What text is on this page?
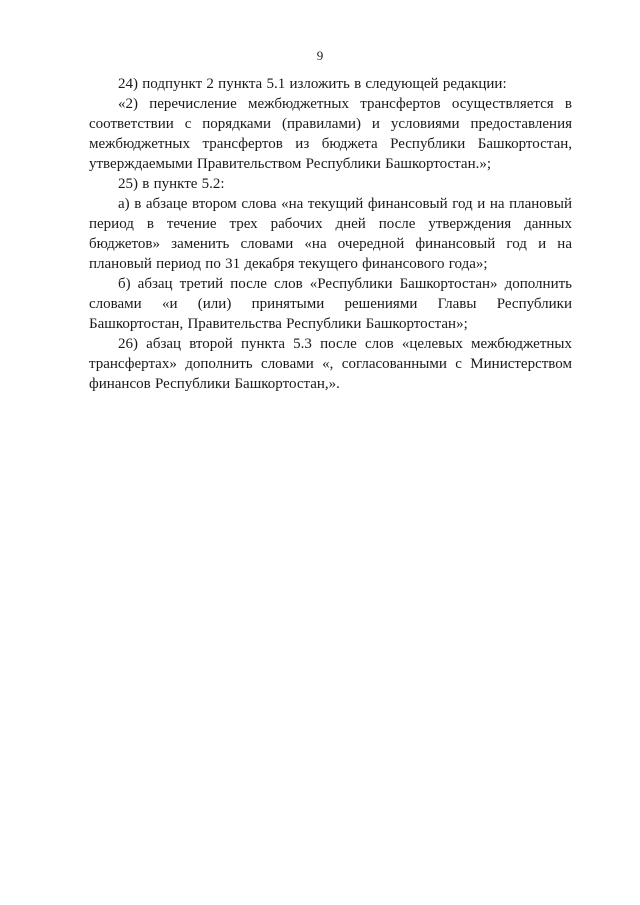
9

24) подпункт 2 пункта 5.1 изложить в следующей редакции:

«2) перечисление межбюджетных трансфертов осуществляется в соответствии с порядками (правилами) и условиями предоставления межбюджетных трансфертов из бюджета Республики Башкортостан, утверждаемыми Правительством Республики Башкортостан.»;

25) в пункте 5.2:

а) в абзаце втором слова «на текущий финансовый год и на плановый период в течение трех рабочих дней после утверждения данных бюджетов» заменить словами «на очередной финансовый год и на плановый период по 31 декабря текущего финансового года»;

б) абзац третий после слов «Республики Башкортостан» дополнить словами «и (или) принятыми решениями Главы Республики Башкортостан, Правительства Республики Башкортостан»;

26) абзац второй пункта 5.3 после слов «целевых межбюджетных трансфертах» дополнить словами «, согласованными с Министерством финансов Республики Башкортостан,».
